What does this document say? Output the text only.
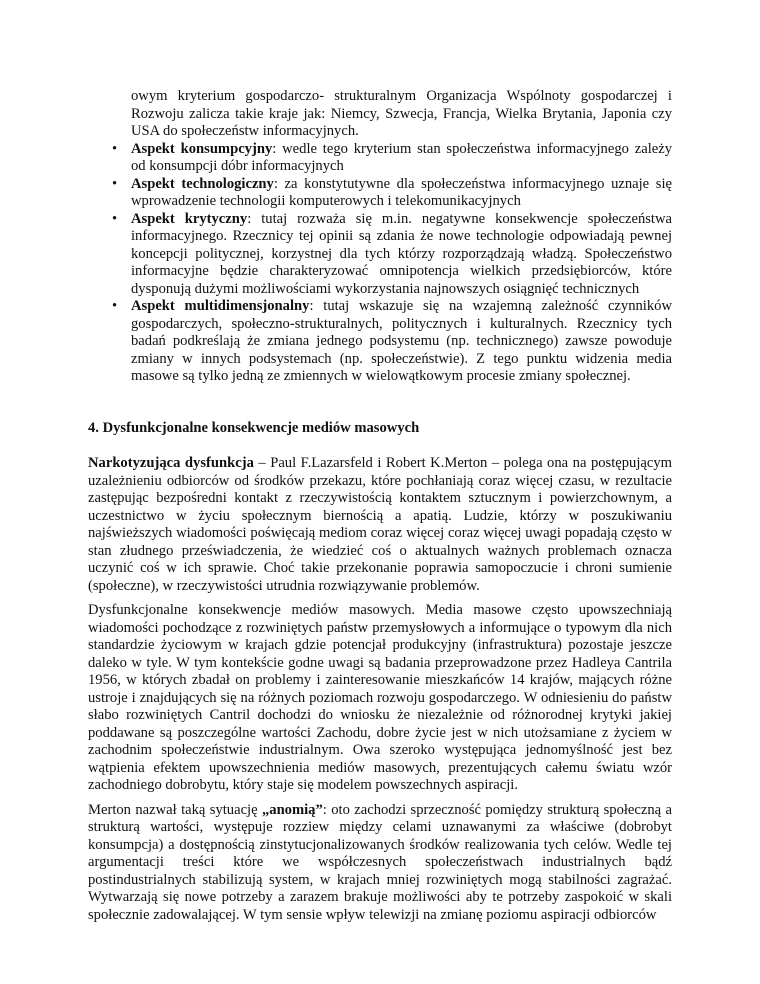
owym kryterium gospodarczo- strukturalnym Organizacja Wspólnoty gospodarczej i Rozwoju zalicza takie kraje jak: Niemcy, Szwecja, Francja, Wielka Brytania, Japonia czy USA do społeczeństw informacyjnych.

• Aspekt konsumpcyjny: wedle tego kryterium stan społeczeństwa informacyjnego zależy od konsumpcji dóbr informacyjnych
• Aspekt technologiczny: za konstytutywne dla społeczeństwa informacyjnego uznaje się wprowadzenie technologii komputerowych i telekomunikacyjnych
• Aspekt krytyczny: tutaj rozważa się m.in. negatywne konsekwencje społeczeństwa informacyjnego. Rzecznicy tej opinii są zdania że nowe technologie odpowiadają pewnej koncepcji politycznej, korzystnej dla tych którzy rozporządzają władzą. Społeczeństwo informacyjne będzie charakteryzować omnipotencja wielkich przedsiębiorców, które dysponują dużymi możliwościami wykorzystania najnowszych osiągnięć technicznych
• Aspekt multidimensjonalny: tutaj wskazuje się na wzajemną zależność czynników gospodarczych, społeczno-strukturalnych, politycznych i kulturalnych. Rzecznicy tych badań podkreślają że zmiana jednego podsystemu (np. technicznego) zawsze powoduje zmiany w innych podsystemach (np. społeczeństwie). Z tego punktu widzenia media masowe są tylko jedną ze zmiennych w wielowątkowym procesie zmiany społecznej.

4. Dysfunkcjonalne konsekwencje mediów masowych

Narkotyzująca dysfunkcja – Paul F.Lazarsfeld i Robert K.Merton – polega ona na postępującym uzależnieniu odbiorców od środków przekazu, które pochłaniają coraz więcej czasu, w rezultacie zastępując bezpośredni kontakt z rzeczywistością kontaktem sztucznym i powierzchownym, a uczestnictwo w życiu społecznym biernością a apatią. Ludzie, którzy w poszukiwaniu najświeższych wiadomości poświęcają mediom coraz więcej coraz więcej uwagi popadają często w stan złudnego przeświadczenia, że wiedzieć coś o aktualnych ważnych problemach oznacza uczynić coś w ich sprawie. Choć takie przekonanie poprawia samopoczucie i chroni sumienie (społeczne), w rzeczywistości utrudnia rozwiązywanie problemów.

Dysfunkcjonalne konsekwencje mediów masowych. Media masowe często upowszechniają wiadomości pochodzące z rozwiniętych państw przemysłowych a informujące o typowym dla nich standardzie życiowym w krajach gdzie potencjał produkcyjny (infrastruktura) pozostaje jeszcze daleko w tyle. W tym kontekście godne uwagi są badania przeprowadzone przez Hadleya Cantrila 1956, w których zbadał on problemy i zainteresowanie mieszkańców 14 krajów, mających różne ustroje i znajdujących się na różnych poziomach rozwoju gospodarczego. W odniesieniu do państw słabo rozwiniętych Cantril dochodzi do wniosku że niezależnie od różnorodnej krytyki jakiej poddawane są poszczególne wartości Zachodu, dobre życie jest w nich utożsamiane z życiem w zachodnim społeczeństwie industrialnym. Owa szeroko występująca jednomyślność jest bez wątpienia efektem upowszechnienia mediów masowych, prezentujących całemu światu wzór zachodniego dobrobytu, który staje się modelem powszechnych aspiracji.

Merton nazwał taką sytuację „anomią”: oto zachodzi sprzeczność pomiędzy strukturą społeczną a strukturą wartości, występuje rozziew między celami uznawanymi za właściwe (dobrobyt konsumpcja) a dostępnością zinstytucjonalizowanych środków realizowania tych celów. Wedle tej argumentacji treści które we współczesnych społeczeństwach industrialnych bądź postindustrialnych stabilizują system, w krajach mniej rozwiniętych mogą stabilności zagrażać. Wytwarzają się nowe potrzeby a zarazem brakuje możliwości aby te potrzeby zaspokoić w skali społecznie zadowalającej. W tym sensie wpływ telewizji na zmianę poziomu aspiracji odbiorców
